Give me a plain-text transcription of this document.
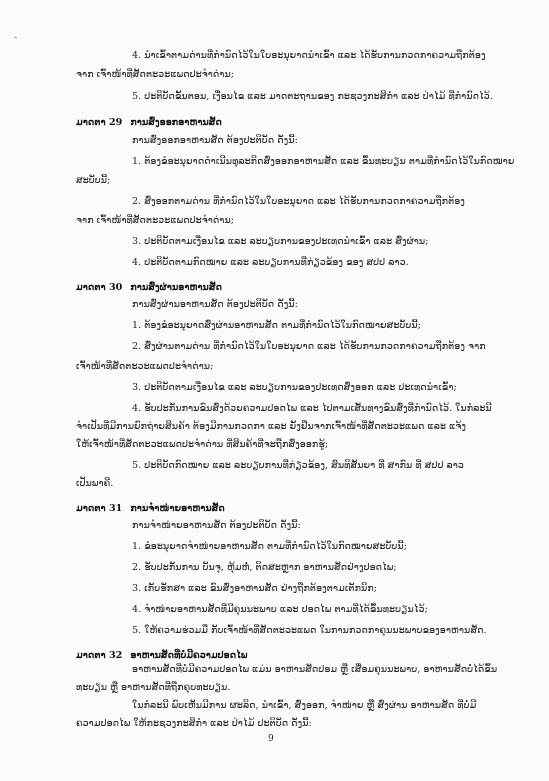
-
4. ນຳເຂົ້າຕາມດ່ານທີ່ກຳນົດໄວ້ໃນໃບອະນຸຍາດນຳເຂົ້າ ແລະ ໄດ້ຮັບການກວດກາຄວາມຖືກຕ້ອງ
ຈາກ ເຈົ້າໜ້າທີ່ສັດຕະວະແພດປະຈຳດ່ານ;
5. ປະຕິບັດຂັ້ນຕອນ, ເງື່ອນໄຂ ແລະ ມາດຕະຖານຂອງ ກະຊວງກະສິກຳ ແລະ ປ່າໄມ້ ທີ່ກຳນົດໄວ້.
ມາດຕາ 29 ການສົ່ງອອກອາຫານສັດ
ການສົ່ງອອກອາຫານສັດ ຕ້ອງປະຕິບັດ ດັ່ງນີ້:
1. ຕ້ອງຂໍອະນຸຍາດດຳເນີນທຸລະກິດສົ່ງອອກອາຫານສັດ ແລະ ຂຶ້ນທະບຽນ ຕາມທີ່ກຳນົດໄວ້ໃນກົດໝາຍ
ສະບັບນີ້;
2. ສົ່ງອອກຕາມດ່ານ ທີ່ກຳນົດໄວ້ໃນໃບອະນຸຍາດ ແລະ ໄດ້ຮັບການກວດກາຄວາມຖືກຕ້ອງ
ຈາກ ເຈົ້າໜ້າທີ່ສັດຕະວະແພດປະຈຳດ່ານ;
3. ປະຕິບັດຕາມເງື່ອນໄຂ ແລະ ລະບຽບການຂອງປະເທດນຳເຂົ້າ ແລະ ສົ່ງຜ່ານ;
4. ປະຕິບັດຕາມກົດໝາຍ ແລະ ລະບຽບການທີ່ກ່ຽວຂ້ອງ ຂອງ ສປປ ລາວ.
ມາດຕາ 30 ການສົ່ງຜ່ານອາຫານສັດ
ການສົ່ງຜ່ານອາຫານສັດ ຕ້ອງປະຕິບັດ ດັ່ງນີ້:
1. ຕ້ອງຂໍອະນຸຍາດສົ່ງຜ່ານອາຫານສັດ ຕາມທີ່ກຳນົດໄວ້ໃນກົດໝາຍສະບັບນີ້;
2. ສົ່ງຜ່ານຕາມດ່ານ ທີ່ກຳນົດໄວ້ໃນໃບອະນຸຍາດ ແລະ ໄດ້ຮັບການກວດກາຄວາມຖືກຕ້ອງ ຈາກ
ເຈົ້າໜ້າທີ່ສັດຕະວະແພດປະຈຳດ່ານ;
3. ປະຕິບັດຕາມເງື່ອນໄຂ ແລະ ລະບຽບການຂອງປະເທດສົ່ງອອກ ແລະ ປະເທດນຳເຂົ້າ;
4. ຮັບປະກັນການຂົນສົ່ງດ້ວຍຄວາມປອດໄພ ແລະ ໄປຕາມເສັ້ນທາງຂົນສົ່ງທີ່ກຳນົດໄວ້. ໃນກໍລະນີ
ຈຳເປັນທີ່ມີການຍົກຖ່າຍສິນຄ້າ ຕ້ອງມີການກວດກາ ແລະ ຍັ້ງຢືນຈາກເຈົ້າໜ້າທີ່ສັດຕະວະແພດ ແລະ ແຈ້ງ
ໃຫ້ເຈົ້າໜ້າທີ່ສັດຕະວະແພດປະຈຳດ່ານ ທີ່ສິນຄ້າທີ່ຈະຖືກສົ່ງອອກຮູ້;
5. ປະຕິບັດກົດໝາຍ ແລະ ລະບຽບການທີ່ກ່ຽວຂ້ອງ, ສົນທິສັນຍາ ທີ່ ສາກົນ ທີ່ ສປປ ລາວ
ເປັນພາຄີ.
ມາດຕາ 31 ການຈຳໜ່າຍອາຫານສັດ
ການຈຳໜ່າຍອາຫານສັດ ຕ້ອງປະຕິບັດ ດັ່ງນີ້:
1. ຂໍອະນຸຍາດຈຳໜ່າຍອາຫານສັດ ຕາມທີ່ກຳນົດໄວ້ໃນກົດໝາຍສະບັບນີ້;
2. ຮັບປະກັນການ ບັນຈຸ, ຫຸ້ມຫໍ່, ຕິດສະຫຼາກ ອາຫານສັດຢ່າງປອດໄພ;
3. ເກັບຮັກສາ ແລະ ຂົນສົ່ງອາຫານສັດ ຢ່າງຖືກຕ້ອງຕາມເຕັກນິກ;
4. ຈຳໜ່າຍອາຫານສັດທີ່ມີຄຸນນະພາບ ແລະ ປອດໄພ ຕາມທີ່ໄດ້ຂຶ້ນທະບຽນໄວ້;
5. ໃຫ້ຄວາມຮ່ວມມື ກັບເຈົ້າໜ້າທີ່ສັດຕະວະແພດ ໃນການກວດກາຄຸນນະພາບຂອງອາຫານສັດ.
ມາດຕາ 32 ອາຫານສັດທີ່ບໍ່ມີຄວາມປອດໄພ
ອາຫານສັດທີ່ບໍ່ມີຄວາມປອດໄພ ແມ່ນ ອາຫານສັດປອມ ຫຼື ເສື່ອມຄຸນນະພາບ, ອາຫານສັດບໍ່ໄດ້ຂຶ້ນ
ທະບຽນ ຫຼື ອາຫານສັດທີ່ຖືກຄຸບທະບຽນ.
ໃນກໍລະນີ ພົບເຫັນມີການ ຜະລິດ, ນຳເຂົ້າ, ສົ່ງອອກ, ຈຳໜ່າຍ ຫຼື ສົ່ງຜ່ານ ອາຫານສັດ ທີ່ບໍ່ມີ
ຄວາມປອດໄພ ໃຫ້ກະຊວງກະສິກຳ ແລະ ປ່າໄມ້ ປະຕິບັດ ດັ່ງນີ້:
9
